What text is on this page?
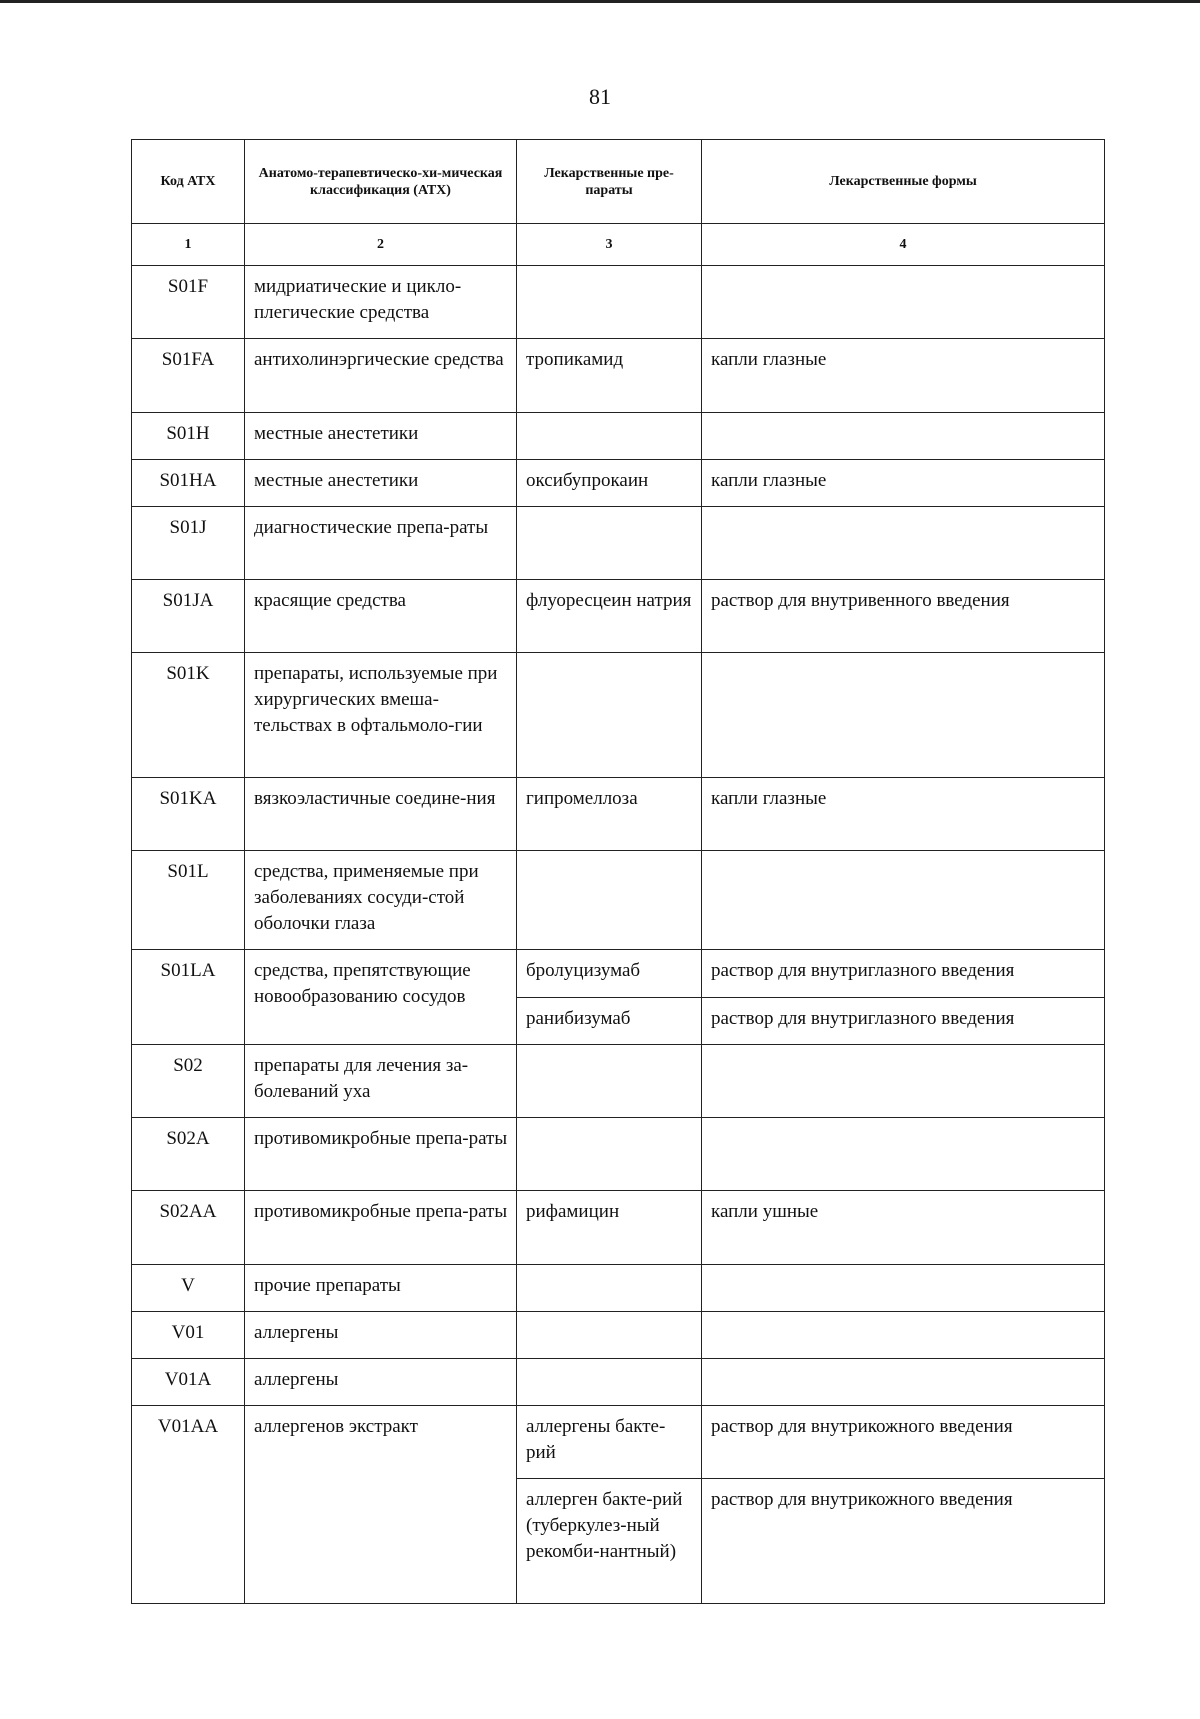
81
Код АТХ	Анатомо-терапевтическо-хи-мическая классификация (АТХ)	Лекарственные пре-параты	Лекарственные формы
1	2	3	4
S01F	мидриатические и цикло-плегические средства		
S01FA	антихолинэргические средства	тропикамид	капли глазные
S01H	местные анестетики		
S01HA	местные анестетики	оксибупрокаин	капли глазные
S01J	диагностические препа-раты		
S01JA	красящие средства	флуоресцеин натрия	раствор для внутривенного введения
S01K	препараты, используемые при хирургических вмеша-тельствах в офтальмоло-гии		
S01KA	вязкоэластичные соедине-ния	гипромеллоза	капли глазные
S01L	средства, применяемые при заболеваниях сосуди-стой оболочки глаза		
S01LA	средства, препятствующие новообразованию сосудов	бролуцизумаб	раствор для внутриглазного введения
		ранибизумаб	раствор для внутриглазного введения
S02	препараты для лечения за-болеваний уха		
S02A	противомикробные препа-раты		
S02AA	противомикробные препа-раты	рифамицин	капли ушные
V	прочие препараты		
V01	аллергены		
V01A	аллергены		
V01AA	аллергенов экстракт	аллергены бакте-рий	раствор для внутрикожного введения
		аллерген бакте-рий (туберкулез-ный рекомби-нантный)	раствор для внутрикожного введения
